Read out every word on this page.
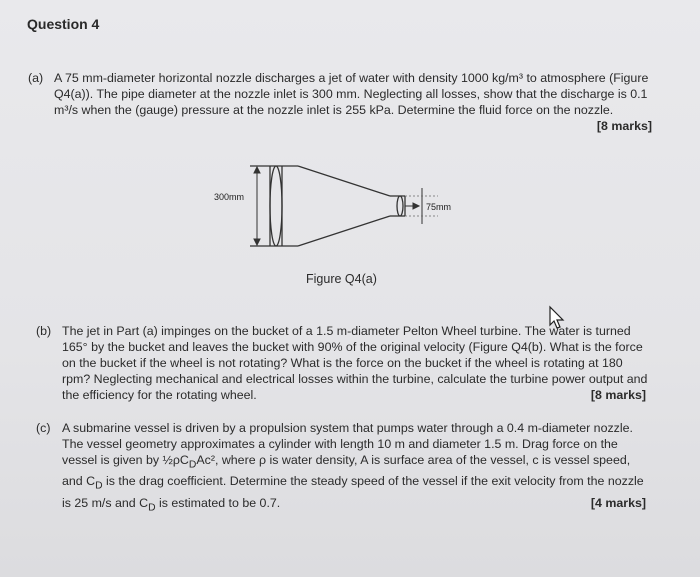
Question 4
(a) A 75 mm-diameter horizontal nozzle discharges a jet of water with density 1000 kg/m³ to atmosphere (Figure Q4(a)). The pipe diameter at the nozzle inlet is 300 mm. Neglecting all losses, show that the discharge is 0.1 m³/s when the (gauge) pressure at the nozzle inlet is 255 kPa. Determine the fluid force on the nozzle.
[8 marks]
300mm
75mm
Figure Q4(a)
(b) The jet in Part (a) impinges on the bucket of a 1.5 m-diameter Pelton Wheel turbine. The water is turned 165° by the bucket and leaves the bucket with 90% of the original velocity (Figure Q4(b). What is the force on the bucket if the wheel is not rotating? What is the force on the bucket if the wheel is rotating at 180 rpm? Neglecting mechanical and electrical losses within the turbine, calculate the turbine power output and the efficiency for the rotating wheel.	[8 marks]
(c) A submarine vessel is driven by a propulsion system that pumps water through a 0.4 m-diameter nozzle. The vessel geometry approximates a cylinder with length 10 m and diameter 1.5 m. Drag force on the vessel is given by $\frac{1}{2}\rho C_DAc^2$, where ρ is water density, A is surface area of the vessel, c is vessel speed, and $C_D$ is the drag coefficient. Determine the steady speed of the vessel if the exit velocity from the nozzle is 25 m/s and $C_D$ is estimated to be 0.7.	[4 marks]
